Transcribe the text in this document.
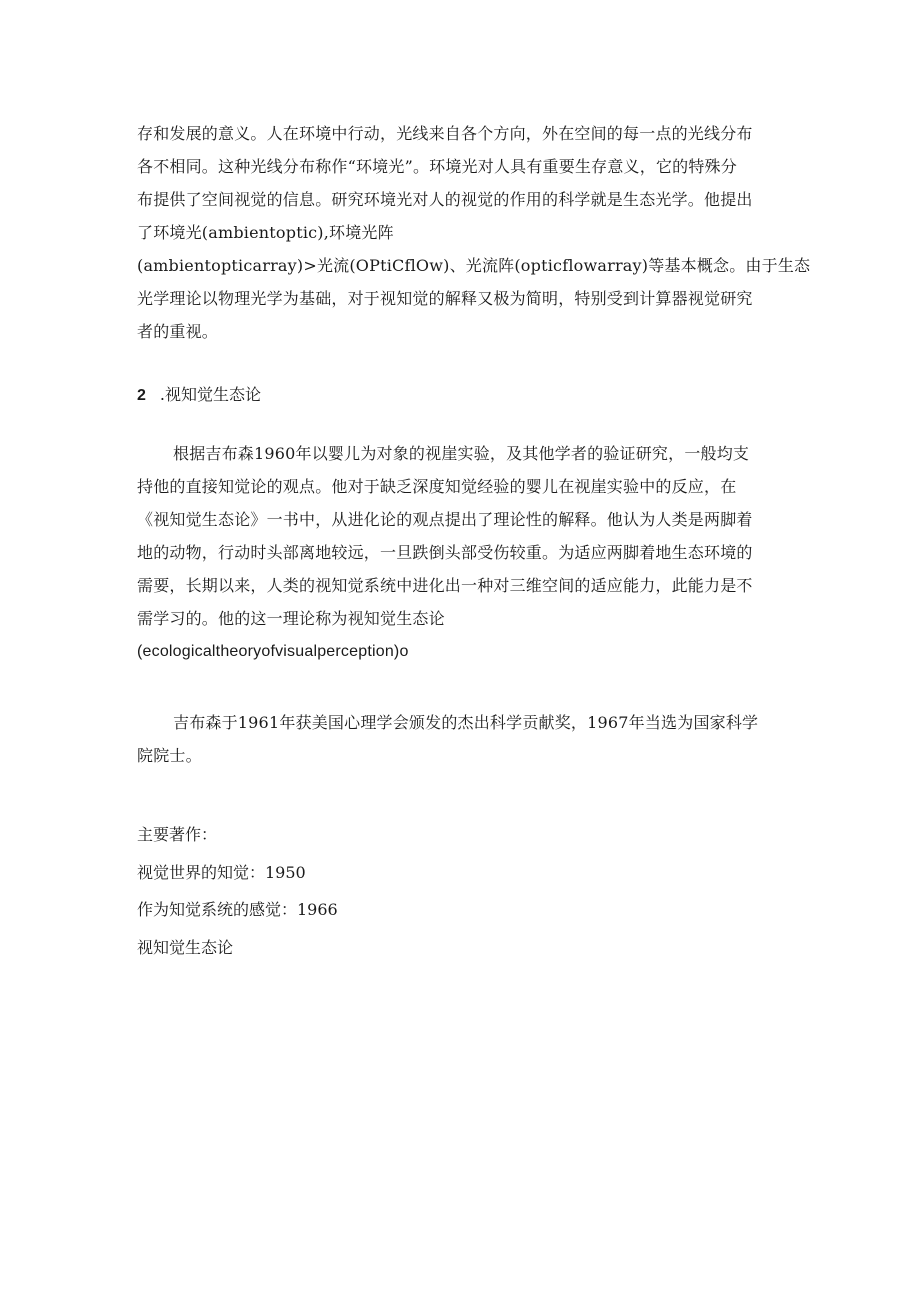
存和发展的意义。人在环境中行动，光线来自各个方向，外在空间的每一点的光线分布
各不相同。这种光线分布称作“环境光”。环境光对人具有重要生存意义，它的特殊分
布提供了空间视觉的信息。研究环境光对人的视觉的作用的科学就是生态光学。他提出
了环境光(ambientoptic),环境光阵
(ambientopticarray)>光流(OPtiCflOw)、光流阵(opticflowarray)等基本概念。由于生态
光学理论以物理光学为基础，对于视知觉的解释又极为简明，特别受到计算器视觉研究
者的重视。
2 .视知觉生态论
根据吉布森1960年以婴儿为对象的视崖实验，及其他学者的验证研究，一般均支
持他的直接知觉论的观点。他对于缺乏深度知觉经验的婴儿在视崖实验中的反应，在
《视知觉生态论》一书中，从进化论的观点提出了理论性的解释。他认为人类是两脚着
地的动物，行动时头部离地较远，一旦跌倒头部受伤较重。为适应两脚着地生态环境的
需要，长期以来，人类的视知觉系统中进化出一种对三维空间的适应能力，此能力是不
需学习的。他的这一理论称为视知觉生态论
(ecologicaltheoryofvisualperception)o
吉布森于1961年获美国心理学会颁发的杰出科学贡献奖，1967年当选为国家科学
院院士。
主要著作：
视觉世界的知觉：1950
作为知觉系统的感觉：1966
视知觉生态论
